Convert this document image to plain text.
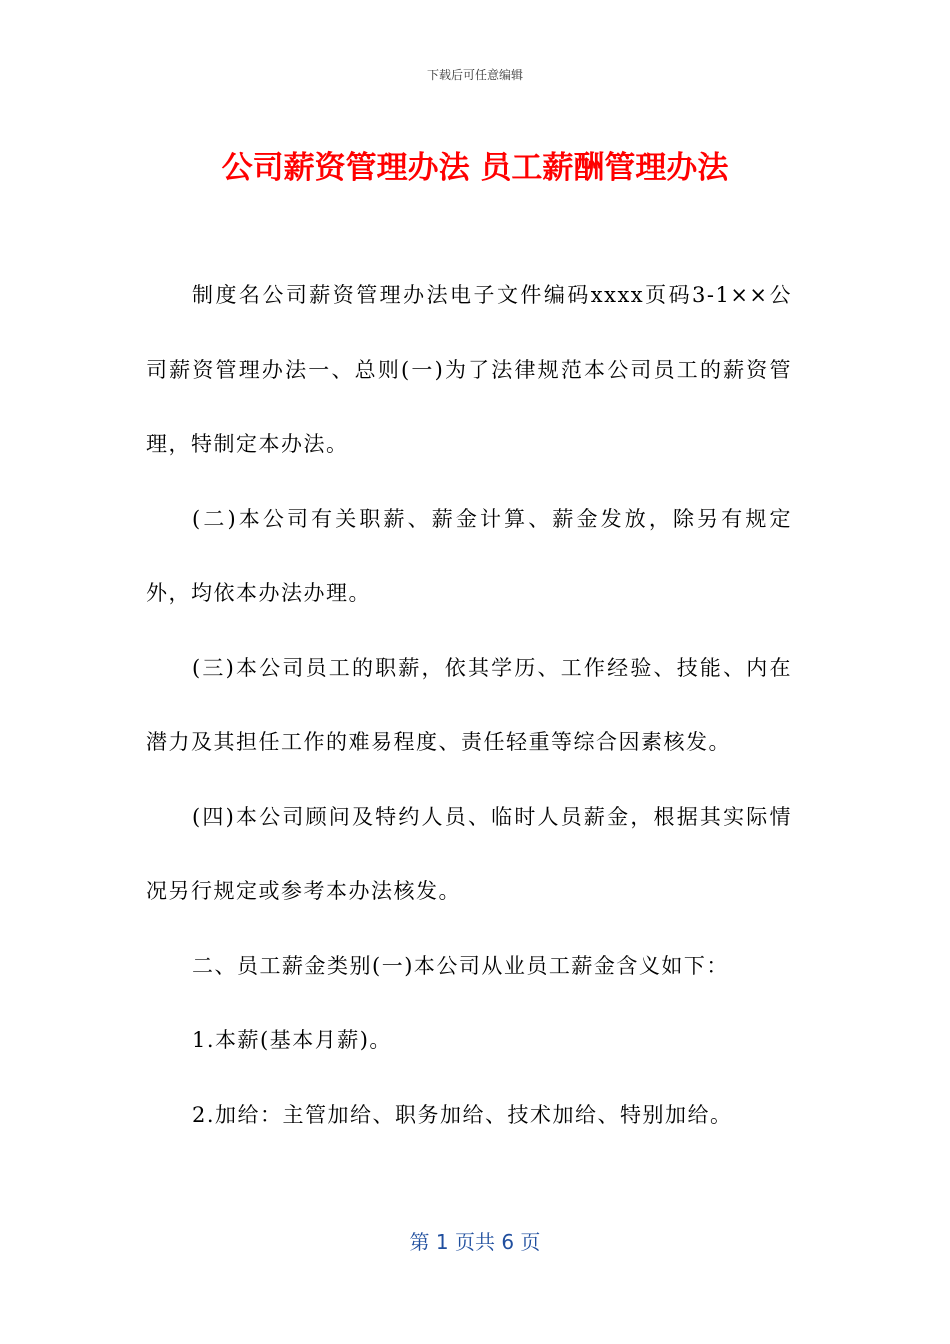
下载后可任意编辑
公司薪资管理办法 员工薪酬管理办法

制度名公司薪资管理办法电子文件编码xxxx页码3-1××公司薪资管理办法一、总则(一)为了法律规范本公司员工的薪资管理，特制定本办法。

(二)本公司有关职薪、薪金计算、薪金发放，除另有规定外，均依本办法办理。

(三)本公司员工的职薪，依其学历、工作经验、技能、内在潜力及其担任工作的难易程度、责任轻重等综合因素核发。

(四)本公司顾问及特约人员、临时人员薪金，根据其实际情况另行规定或参考本办法核发。

二、员工薪金类别(一)本公司从业员工薪金含义如下：

1.本薪(基本月薪)。

2.加给：主管加给、职务加给、技术加给、特别加给。

第 1 页共 6 页
